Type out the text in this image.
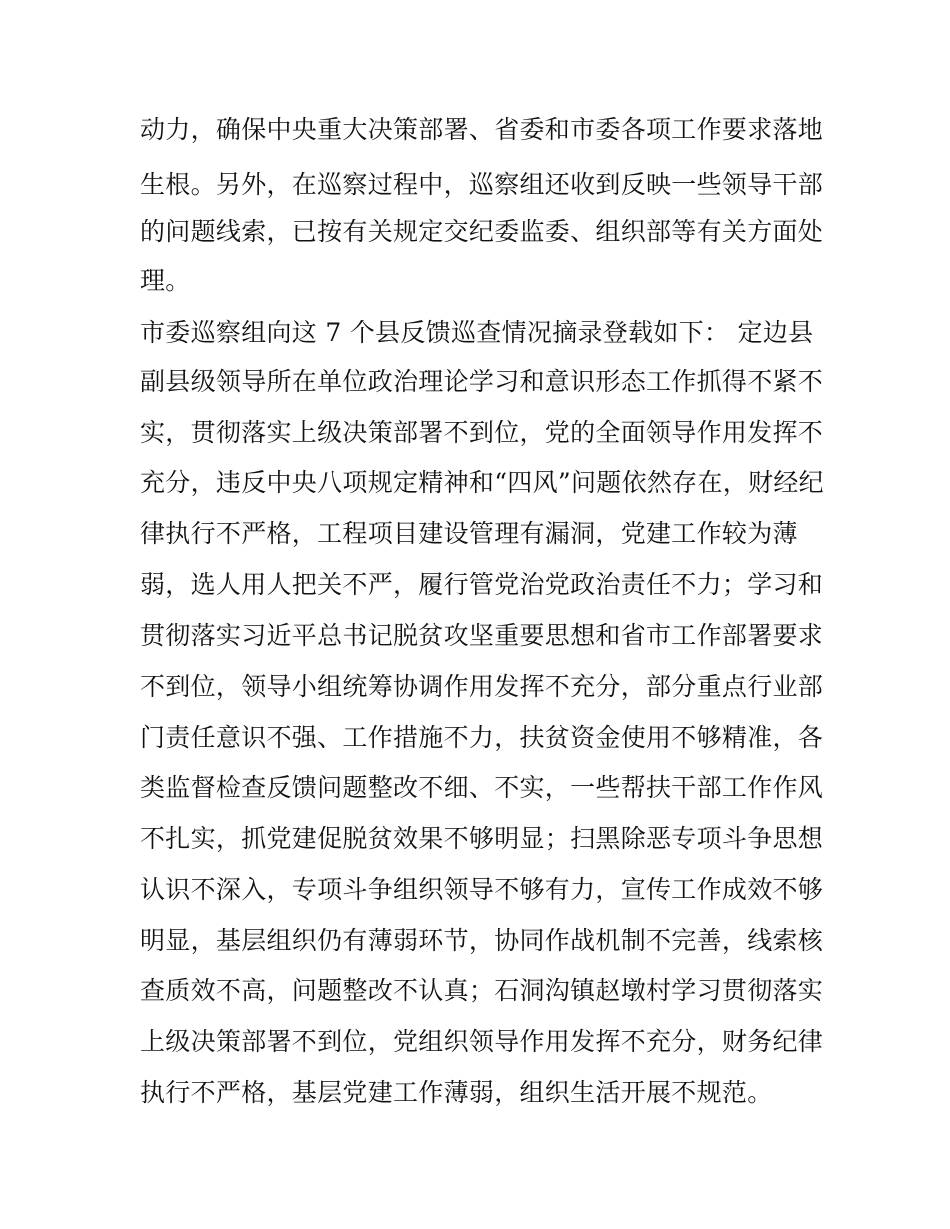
动力，确保中央重大决策部署、省委和市委各项工作要求落地
生根。另外，在巡察过程中，巡察组还收到反映一些领导干部
的问题线索，已按有关规定交纪委监委、组织部等有关方面处
理。
市委巡察组向这 7 个县反馈巡查情况摘录登载如下： 定边县
副县级领导所在单位政治理论学习和意识形态工作抓得不紧不
实，贯彻落实上级决策部署不到位，党的全面领导作用发挥不
充分，违反中央八项规定精神和“四风”问题依然存在，财经纪
律执行不严格，工程项目建设管理有漏洞，党建工作较为薄
弱，选人用人把关不严，履行管党治党政治责任不力；学习和
贯彻落实习近平总书记脱贫攻坚重要思想和省市工作部署要求
不到位，领导小组统筹协调作用发挥不充分，部分重点行业部
门责任意识不强、工作措施不力，扶贫资金使用不够精准，各
类监督检查反馈问题整改不细、不实，一些帮扶干部工作作风
不扎实，抓党建促脱贫效果不够明显；扫黑除恶专项斗争思想
认识不深入，专项斗争组织领导不够有力，宣传工作成效不够
明显，基层组织仍有薄弱环节，协同作战机制不完善，线索核
查质效不高，问题整改不认真；石洞沟镇赵墩村学习贯彻落实
上级决策部署不到位，党组织领导作用发挥不充分，财务纪律
执行不严格，基层党建工作薄弱，组织生活开展不规范。
